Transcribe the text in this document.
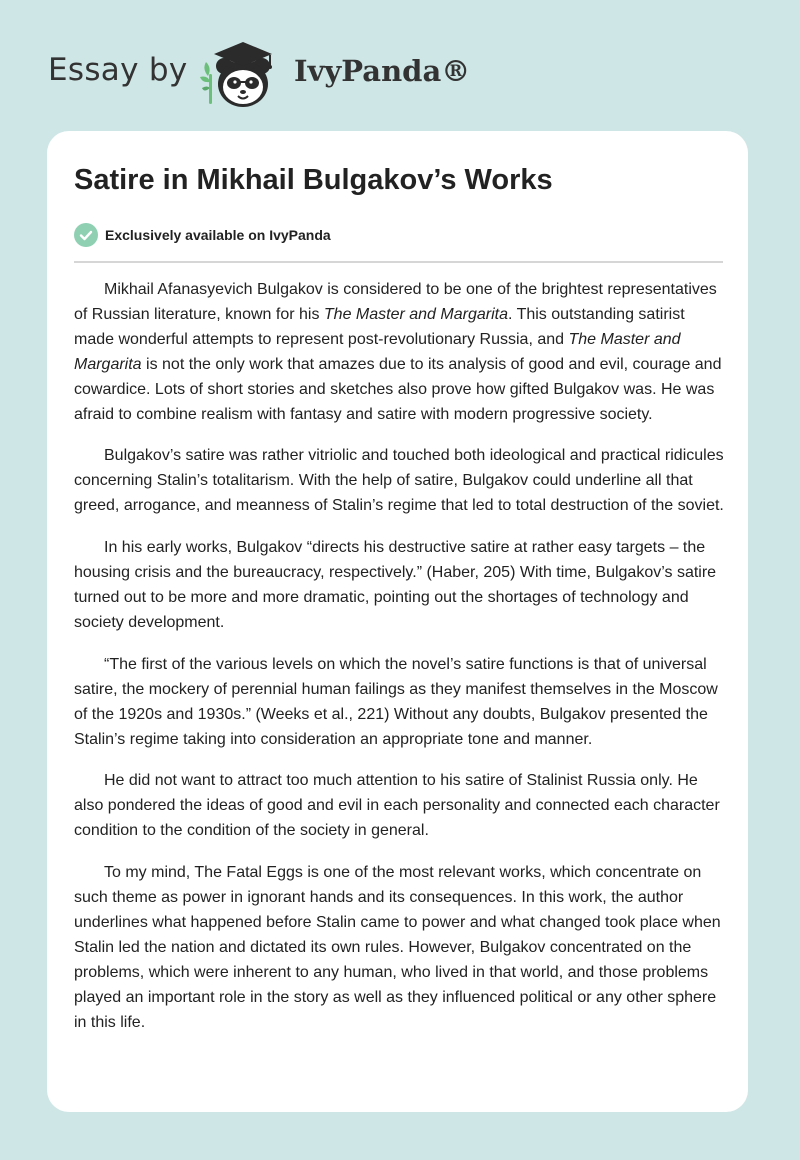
Essay by	IvyPanda®
Satire in Mikhail Bulgakov’s Works
Exclusively available on IvyPanda

Mikhail Afanasyevich Bulgakov is considered to be one of the brightest representatives of Russian literature, known for his The Master and Margarita. This outstanding satirist made wonderful attempts to represent post-revolutionary Russia, and The Master and Margarita is not the only work that amazes due to its analysis of good and evil, courage and cowardice. Lots of short stories and sketches also prove how gifted Bulgakov was. He was afraid to combine realism with fantasy and satire with modern progressive society.

Bulgakov’s satire was rather vitriolic and touched both ideological and practical ridicules concerning Stalin’s totalitarism. With the help of satire, Bulgakov could underline all that greed, arrogance, and meanness of Stalin’s regime that led to total destruction of the soviet.

In his early works, Bulgakov “directs his destructive satire at rather easy targets – the housing crisis and the bureaucracy, respectively.” (Haber, 205) With time, Bulgakov’s satire turned out to be more and more dramatic, pointing out the shortages of technology and society development.

“The first of the various levels on which the novel’s satire functions is that of universal satire, the mockery of perennial human failings as they manifest themselves in the Moscow of the 1920s and 1930s.” (Weeks et al., 221) Without any doubts, Bulgakov presented the Stalin’s regime taking into consideration an appropriate tone and manner.

He did not want to attract too much attention to his satire of Stalinist Russia only. He also pondered the ideas of good and evil in each personality and connected each character condition to the condition of the society in general.

To my mind, The Fatal Eggs is one of the most relevant works, which concentrate on such theme as power in ignorant hands and its consequences. In this work, the author underlines what happened before Stalin came to power and what changed took place when Stalin led the nation and dictated its own rules. However, Bulgakov concentrated on the problems, which were inherent to any human, who lived in that world, and those problems played an important role in the story as well as they influenced political or any other sphere in this life.
